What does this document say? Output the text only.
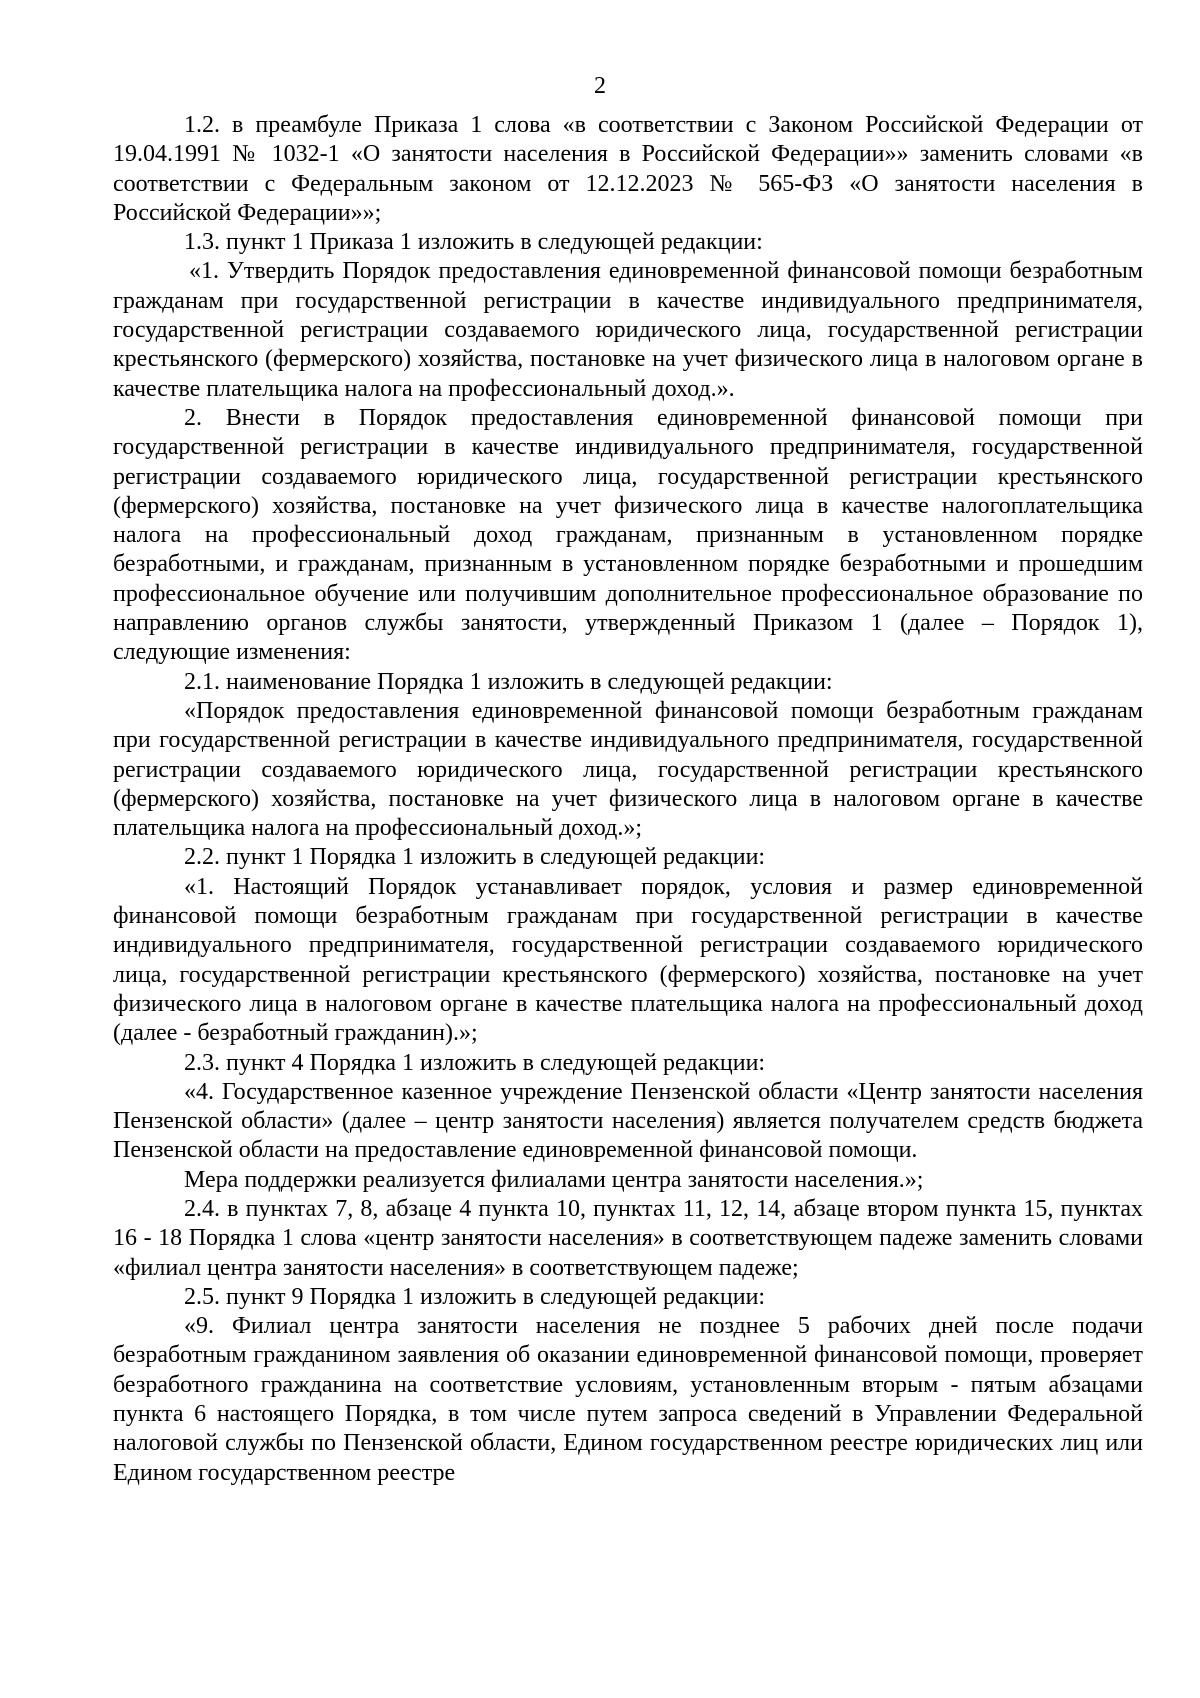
2

1.2. в преамбуле Приказа 1 слова «в соответствии с Законом Российской Федерации от 19.04.1991 № 1032-1 «О занятости населения в Российской Федерации»» заменить словами «в соответствии с Федеральным законом от 12.12.2023 № 565-ФЗ «О занятости населения в Российской Федерации»»;

1.3. пункт 1 Приказа 1 изложить в следующей редакции:

«1. Утвердить Порядок предоставления единовременной финансовой помощи безработным гражданам при государственной регистрации в качестве индивидуального предпринимателя, государственной регистрации создаваемого юридического лица, государственной регистрации крестьянского (фермерского) хозяйства, постановке на учет физического лица в налоговом органе в качестве плательщика налога на профессиональный доход.».

2. Внести в Порядок предоставления единовременной финансовой помощи при государственной регистрации в качестве индивидуального предпринимателя, государственной регистрации создаваемого юридического лица, государственной регистрации крестьянского (фермерского) хозяйства, постановке на учет физического лица в качестве налогоплательщика налога на профессиональный доход гражданам, признанным в установленном порядке безработными, и гражданам, признанным в установленном порядке безработными и прошедшим профессиональное обучение или получившим дополнительное профессиональное образование по направлению органов службы занятости, утвержденный Приказом 1 (далее – Порядок 1), следующие изменения:

2.1. наименование Порядка 1 изложить в следующей редакции:

«Порядок предоставления единовременной финансовой помощи безработным гражданам при государственной регистрации в качестве индивидуального предпринимателя, государственной регистрации создаваемого юридического лица, государственной регистрации крестьянского (фермерского) хозяйства, постановке на учет физического лица в налоговом органе в качестве плательщика налога на профессиональный доход.»;

2.2. пункт 1 Порядка 1 изложить в следующей редакции:

«1. Настоящий Порядок устанавливает порядок, условия и размер единовременной финансовой помощи безработным гражданам при государственной регистрации в качестве индивидуального предпринимателя, государственной регистрации создаваемого юридического лица, государственной регистрации крестьянского (фермерского) хозяйства, постановке на учет физического лица в налоговом органе в качестве плательщика налога на профессиональный доход (далее - безработный гражданин).»;

2.3. пункт 4 Порядка 1 изложить в следующей редакции:

«4. Государственное казенное учреждение Пензенской области «Центр занятости населения Пензенской области» (далее – центр занятости населения) является получателем средств бюджета Пензенской области на предоставление единовременной финансовой помощи.

Мера поддержки реализуется филиалами центра занятости населения.»;

2.4. в пунктах 7, 8, абзаце 4 пункта 10, пунктах 11, 12, 14, абзаце втором пункта 15, пунктах 16 - 18 Порядка 1 слова «центр занятости населения» в соответствующем падеже заменить словами «филиал центра занятости населения» в соответствующем падеже;

2.5. пункт 9 Порядка 1 изложить в следующей редакции:

«9. Филиал центра занятости населения не позднее 5 рабочих дней после подачи безработным гражданином заявления об оказании единовременной финансовой помощи, проверяет безработного гражданина на соответствие условиям, установленным вторым - пятым абзацами пункта 6 настоящего Порядка, в том числе путем запроса сведений в Управлении Федеральной налоговой службы по Пензенской области, Едином государственном реестре юридических лиц или Едином государственном реестре
